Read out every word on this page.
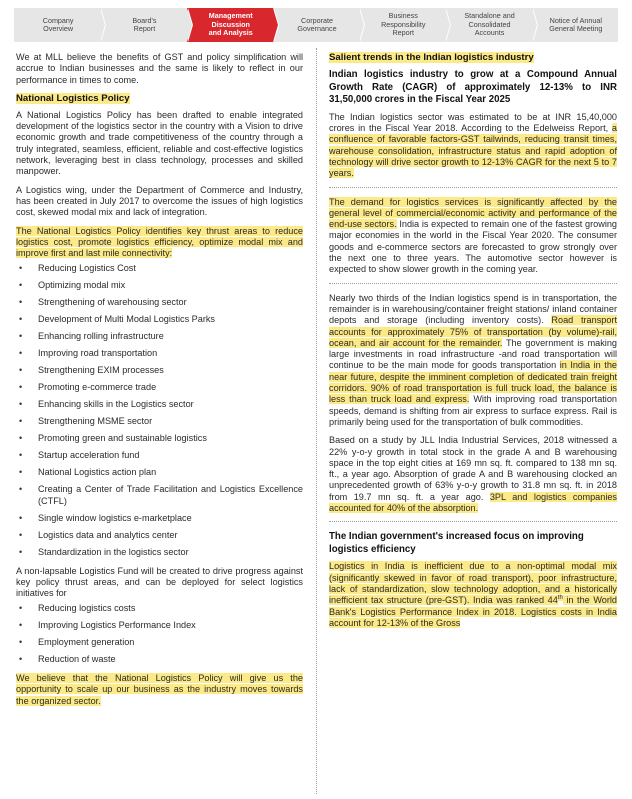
Company
Overview
Board's
Report
Management
Discussion
and Analysis
Corporate
Governance
Business
Responsibility
Report
Standalone and
Consolidated
Accounts
Notice of Annual
General Meeting

We at MLL believe the benefits of GST and policy simplification will accrue to Indian businesses and the same is likely to reflect in our performance in times to come.

National Logistics Policy

A National Logistics Policy has been drafted to enable integrated development of the logistics sector in the country with a Vision to drive economic growth and trade competitiveness of the country through a truly integrated, seamless, efficient, reliable and cost-effective logistics network, leveraging best in class technology, processes and skilled manpower.

A Logistics wing, under the Department of Commerce and Industry, has been created in July 2017 to overcome the issues of high logistics cost, skewed modal mix and lack of integration.

The National Logistics Policy identifies key thrust areas to reduce logistics cost, promote logistics efficiency, optimize modal mix and improve first and last mile connectivity:

• Reducing Logistics Cost
• Optimizing modal mix
• Strengthening of warehousing sector
• Development of Multi Modal Logistics Parks
• Enhancing rolling infrastructure
• Improving road transportation
• Strengthening EXIM processes
• Promoting e-commerce trade
• Enhancing skills in the Logistics sector
• Strengthening MSME sector
• Promoting green and sustainable logistics
• Startup acceleration fund
• National Logistics action plan
• Creating a Center of Trade Facilitation and Logistics Excellence (CTFL)
• Single window logistics e-marketplace
• Logistics data and analytics center
• Standardization in the logistics sector

A non-lapsable Logistics Fund will be created to drive progress against key policy thrust areas, and can be deployed for select logistics initiatives for

• Reducing logistics costs
• Improving Logistics Performance Index
• Employment generation
• Reduction of waste

We believe that the National Logistics Policy will give us the opportunity to scale up our business as the industry moves towards the organized sector.

Salient trends in the Indian logistics industry
Indian logistics industry to grow at a Compound Annual Growth Rate (CAGR) of approximately 12-13% to INR 31,50,000 crores in the Fiscal Year 2025

The Indian logistics sector was estimated to be at INR 15,40,000 crores in the Fiscal Year 2018. According to the Edelweiss Report, a confluence of favorable factors-GST tailwinds, reducing transit times, warehouse consolidation, infrastructure status and rapid adoption of technology will drive sector growth to 12-13% CAGR for the next 5 to 7 years.

The demand for logistics services is significantly affected by the general level of commercial/economic activity and performance of the end-use sectors. India is expected to remain one of the fastest growing major economies in the world in the Fiscal Year 2020. The consumer goods and e-commerce sectors are forecasted to grow strongly over the next one to three years. The automotive sector however is expected to show slower growth in the coming year.

Nearly two thirds of the Indian logistics spend is in transportation, the remainder is in warehousing/container freight stations/ inland container depots and storage (including inventory costs). Road transport accounts for approximately 75% of transportation (by volume)-rail, ocean, and air account for the remainder. The government is making large investments in road infrastructure -and road transportation will continue to be the main mode for goods transportation in India in the near future, despite the imminent completion of dedicated train freight corridors. 90% of road transportation is full truck load, the balance is less than truck load and express. With improving road transportation speeds, demand is shifting from air express to surface express. Rail is primarily being used for the transportation of bulk commodities.

Based on a study by JLL India Industrial Services, 2018 witnessed a 22% y-o-y growth in total stock in the grade A and B warehousing space in the top eight cities at 169 mn sq. ft. compared to 138 mn sq. ft., a year ago. Absorption of grade A and B warehousing clocked an unprecedented growth of 63% y-o-y growth to 31.8 mn sq. ft. in 2018 from 19.7 mn sq. ft. a year ago. 3PL and logistics companies accounted for 40% of the absorption.

The Indian government's increased focus on improving logistics efficiency

Logistics in India is inefficient due to a non-optimal modal mix (significantly skewed in favor of road transport), poor infrastructure, lack of standardization, slow technology adoption, and a historically inefficient tax structure (pre-GST). India was ranked 44th in the World Bank's Logistics Performance Index in 2018. Logistics costs in India account for 12-13% of the Gross
